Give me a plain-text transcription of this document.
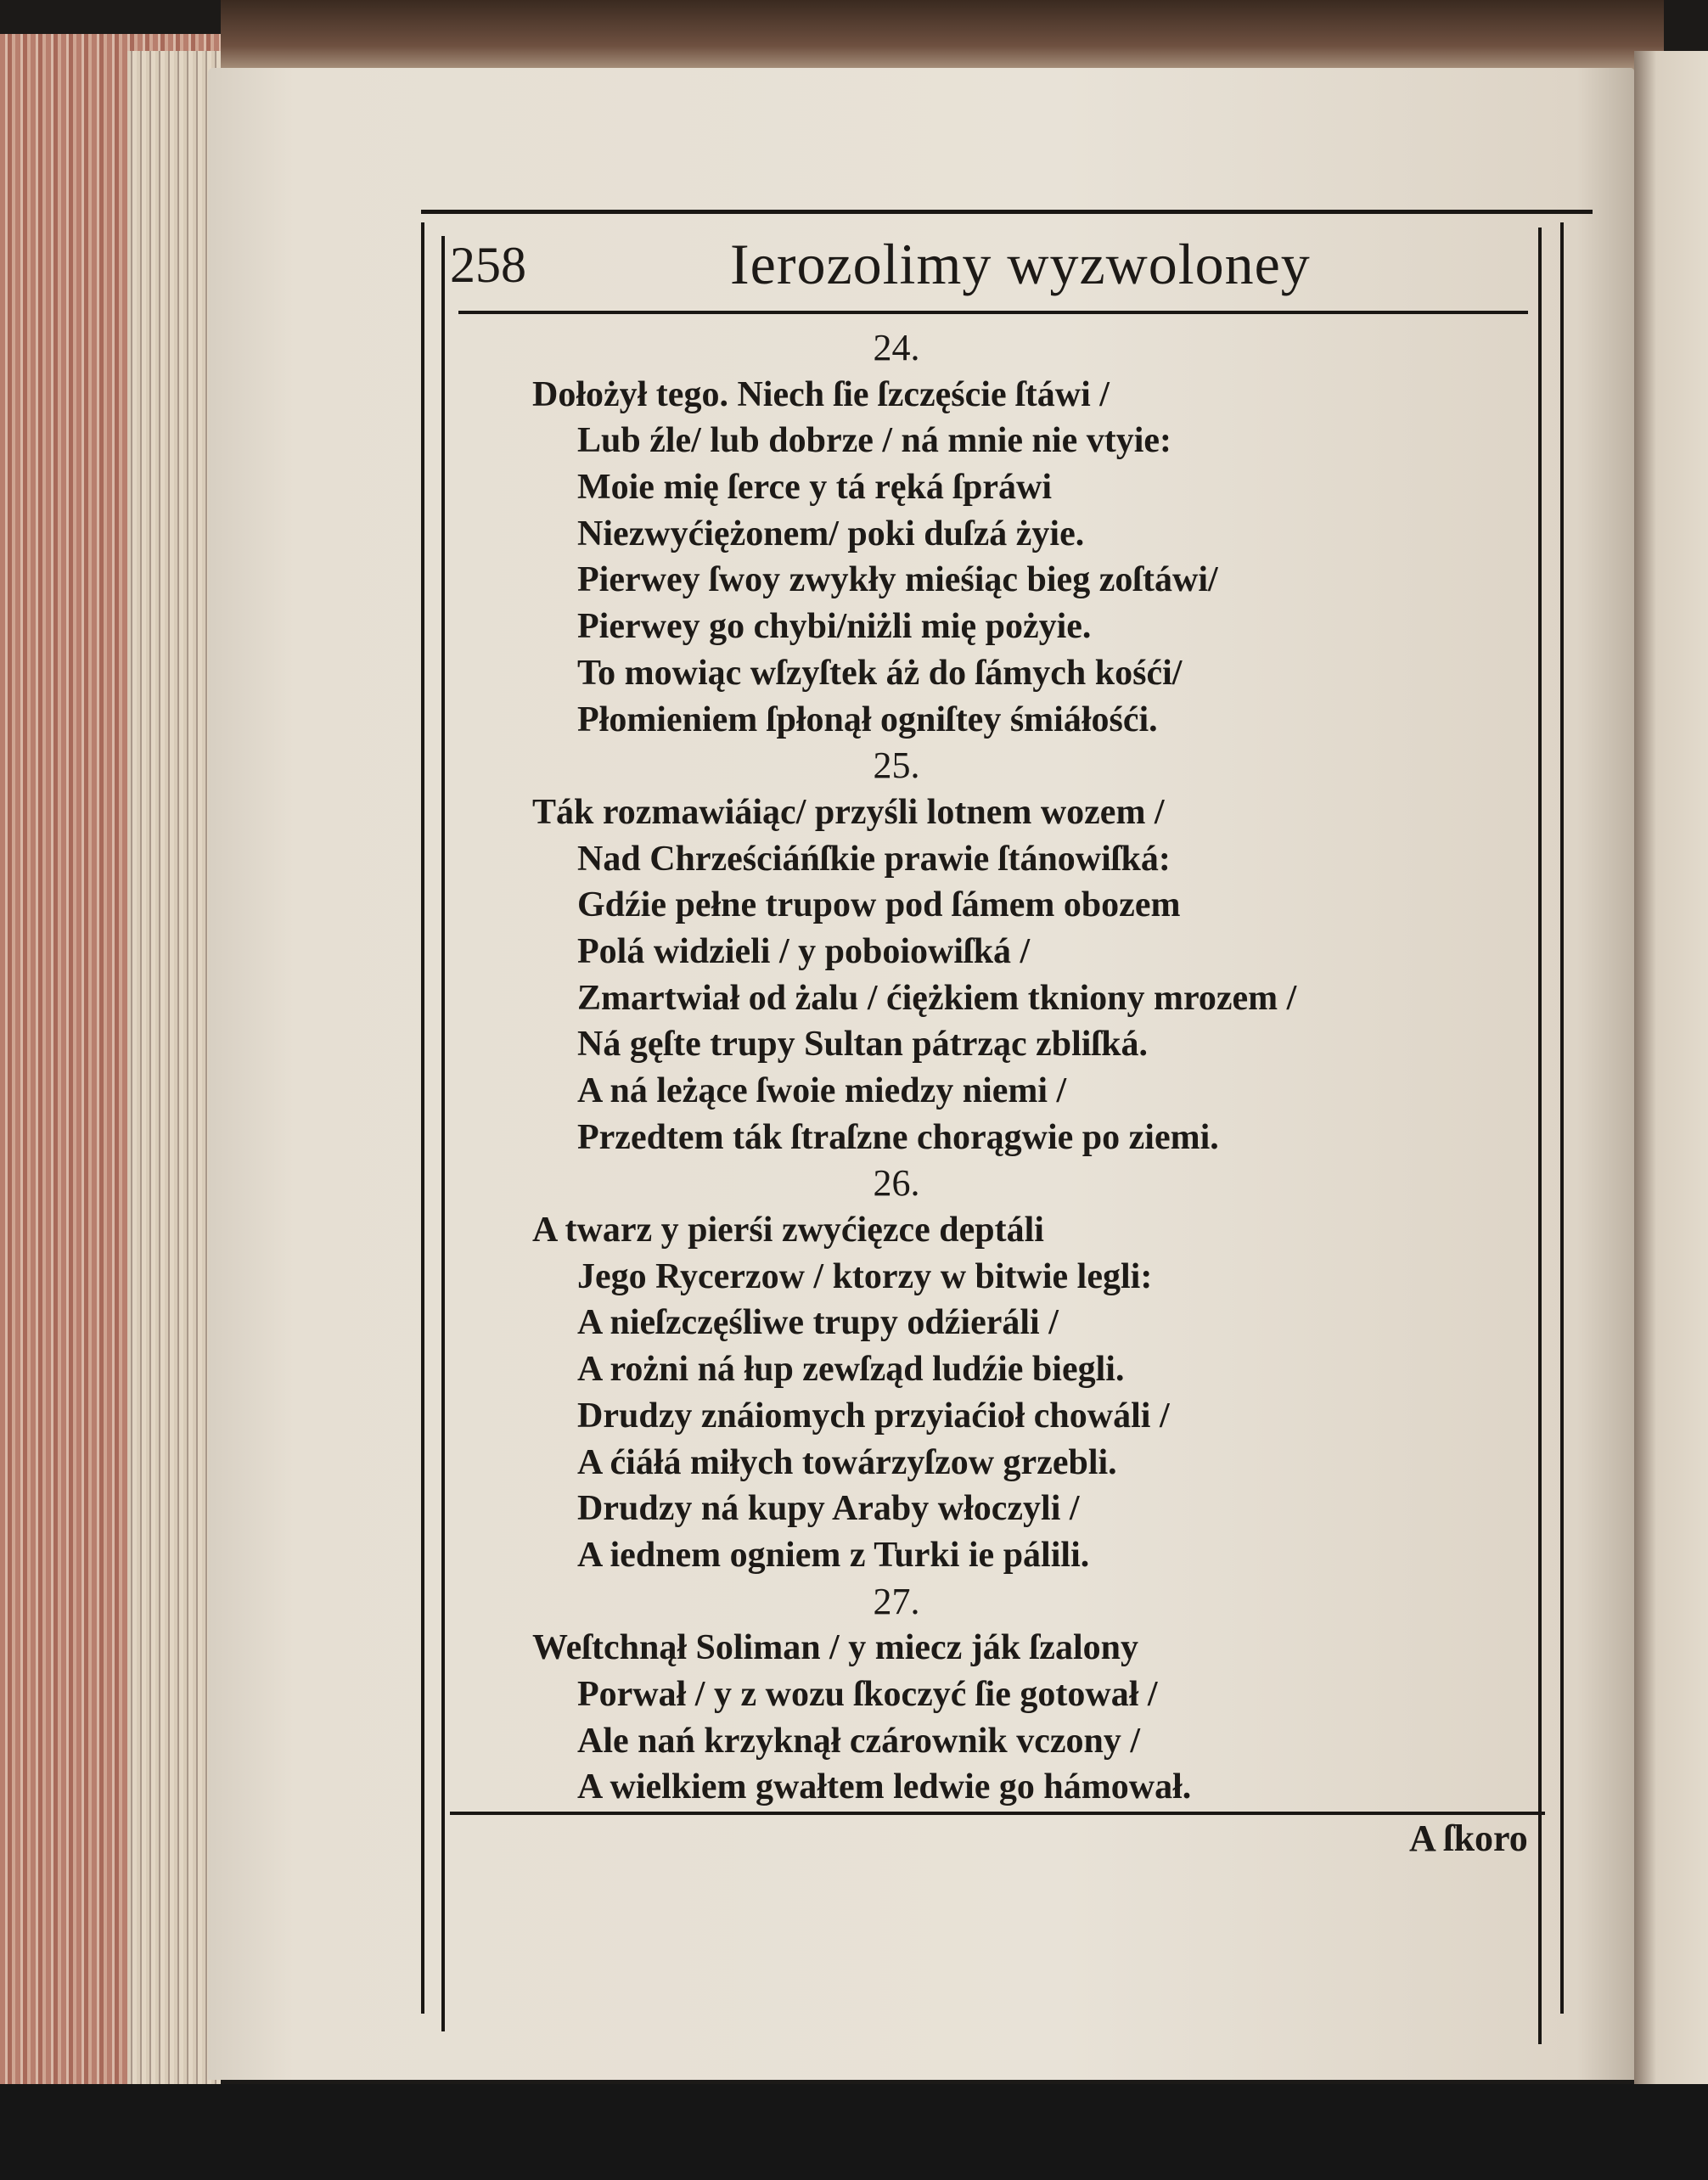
258	Ierozolimy wyzwoloney
24.
Dołożył tego. Niech ſie ſzczęście ſtáwi /
Lub źle/ lub dobrze / ná mnie nie vtyie:
Moie mię ſerce y tá ręká ſpráwi
Niezwyćiężonem/ poki duſzá żyie.
Pierwey ſwoy zwykły mieśiąc bieg zoſtáwi/
Pierwey go chybi/niżli mię pożyie.
To mowiąc wſzyſtek áż do ſámych kośći/
Płomieniem ſpłonął ogniſtey śmiáłośći.
25.
Ták rozmawiáiąc/ przyśli lotnem wozem /
Nad Chrześciáńſkie prawie ſtánowiſká:
Gdźie pełne trupow pod ſámem obozem
Polá widzieli / y poboiowiſká /
Zmartwiał od żalu / ćiężkiem tkniony mrozem /
Ná gęſte trupy Sultan pátrząc zbliſká.
A ná leżące ſwoie miedzy niemi /
Przedtem ták ſtraſzne chorągwie po ziemi.
26.
A twarz y pierśi zwyćięzce deptáli
Jego Rycerzow / ktorzy w bitwie legli:
A nieſzczęśliwe trupy odźieráli /
A rożni ná łup zewſząd ludźie biegli.
Drudzy znáiomych przyiaćioł chowáli /
A ćiáłá miłych towárzyſzow grzebli.
Drudzy ná kupy Araby włoczyli /
A iednem ogniem z Turki ie pálili.
27.
Weſtchnął Soliman / y miecz ják ſzalony
Porwał / y z wozu ſkoczyć ſie gotował /
Ale nań krzyknął czárownik vczony /
A wielkiem gwałtem ledwie go hámował.
A ſkoro
